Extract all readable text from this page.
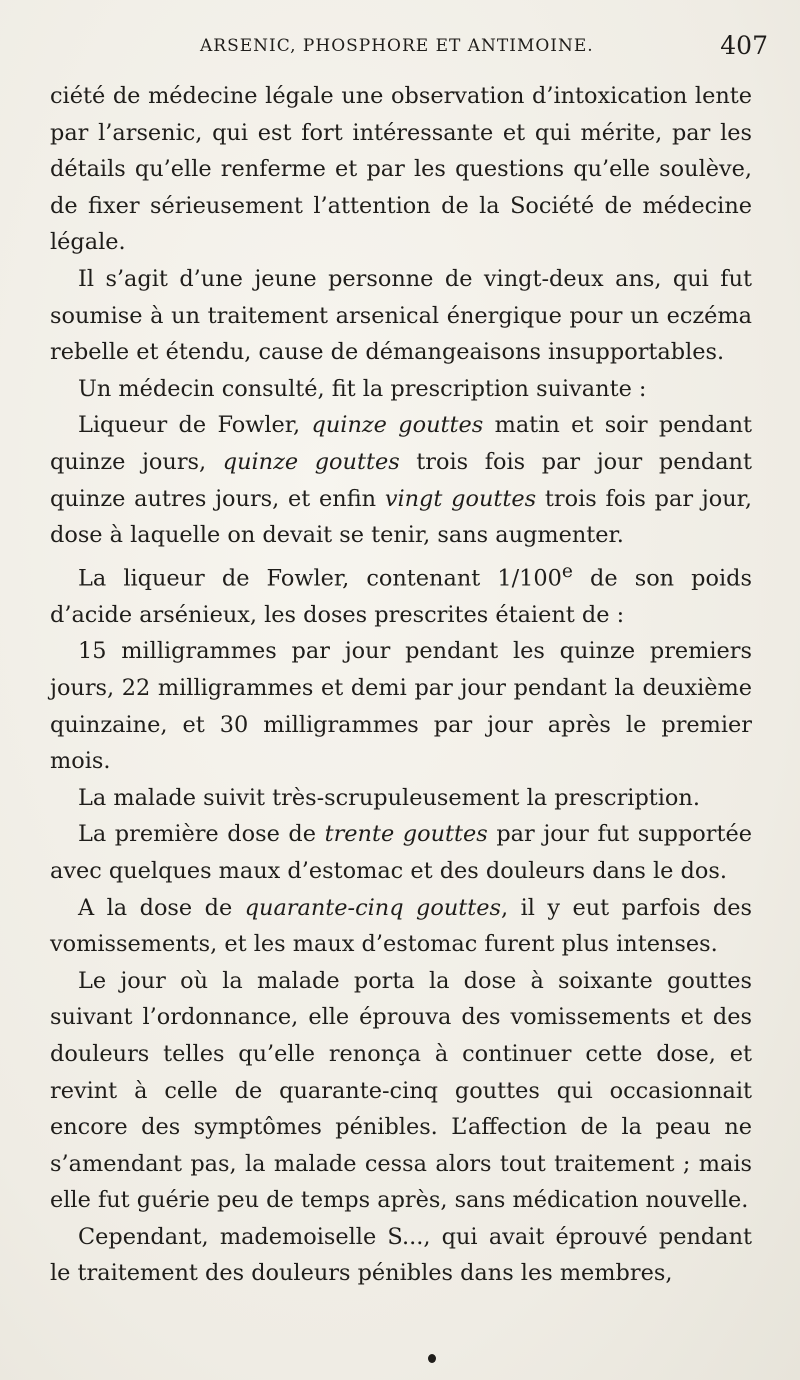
ARSENIC, PHOSPHORE ET ANTIMOINE.	407

ciété de médecine légale une observation d’intoxication lente par l’arsenic, qui est fort intéressante et qui mérite, par les détails qu’elle renferme et par les questions qu’elle soulève, de fixer sérieusement l’attention de la Société de médecine légale.

Il s’agit d’une jeune personne de vingt-deux ans, qui fut soumise à un traitement arsenical énergique pour un eczéma rebelle et étendu, cause de démangeaisons insupportables.

Un médecin consulté, fit la prescription suivante :

Liqueur de Fowler, quinze gouttes matin et soir pendant quinze jours, quinze gouttes trois fois par jour pendant quinze autres jours, et enfin vingt gouttes trois fois par jour, dose à laquelle on devait se tenir, sans augmenter.

La liqueur de Fowler, contenant 1/100e de son poids d’acide arsénieux, les doses prescrites étaient de :

15 milligrammes par jour pendant les quinze premiers jours, 22 milligrammes et demi par jour pendant la deuxième quinzaine, et 30 milligrammes par jour après le premier mois.

La malade suivit très-scrupuleusement la prescription.

La première dose de trente gouttes par jour fut supportée avec quelques maux d’estomac et des douleurs dans le dos.

A la dose de quarante-cinq gouttes, il y eut parfois des vomissements, et les maux d’estomac furent plus intenses.

Le jour où la malade porta la dose à soixante gouttes suivant l’ordonnance, elle éprouva des vomissements et des douleurs telles qu’elle renonça à continuer cette dose, et revint à celle de quarante-cinq gouttes qui occasionnait encore des symptômes pénibles. L’affection de la peau ne s’amendant pas, la malade cessa alors tout traitement ; mais elle fut guérie peu de temps après, sans médication nouvelle.

Cependant, mademoiselle S..., qui avait éprouvé pendant le traitement des douleurs pénibles dans les membres,
